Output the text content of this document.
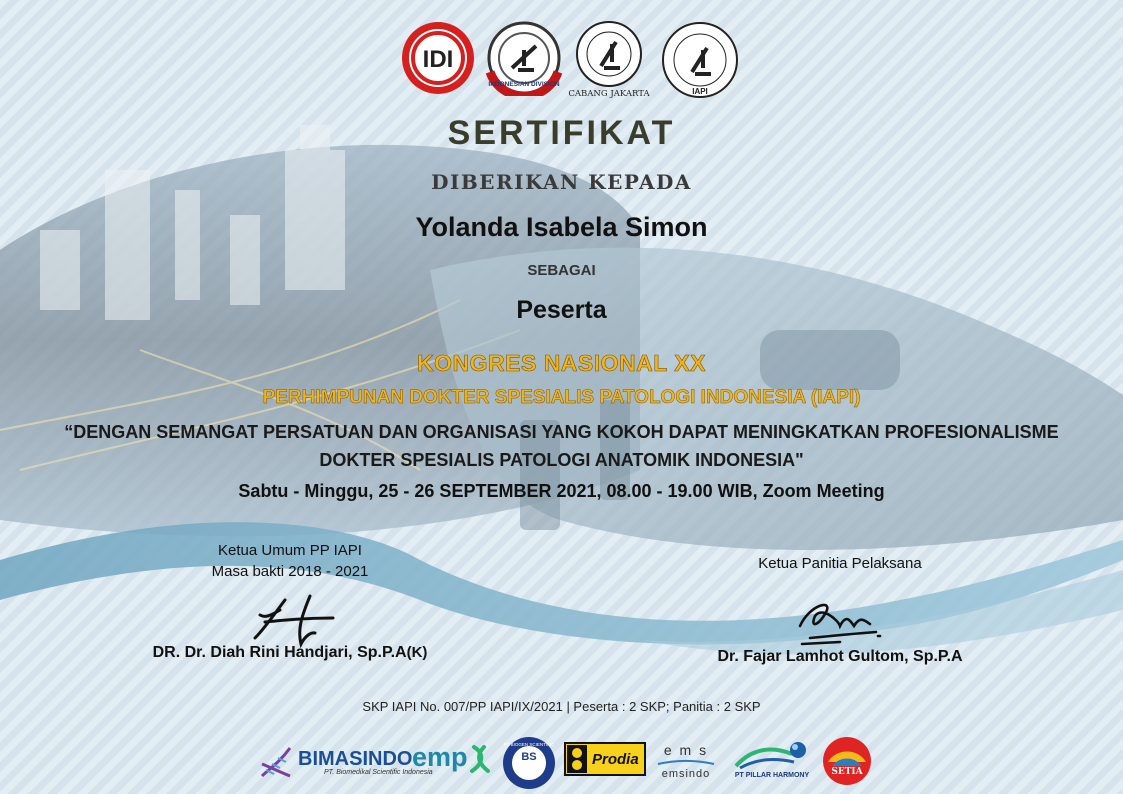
IDI
INDONESIAN DIVISION
CABANG JAKARTA	IAPI
SERTIFIKAT
DIBERIKAN KEPADA
Yolanda Isabela Simon
SEBAGAI
Peserta
KONGRES NASIONAL XX
PERHIMPUNAN DOKTER SPESIALIS PATOLOGI INDONESIA (IAPI)
“DENGAN SEMANGAT PERSATUAN DAN ORGANISASI YANG KOKOH DAPAT MENINGKATKAN PROFESIONALISME
DOKTER SPESIALIS PATOLOGI ANATOMIK INDONESIA"
Sabtu - Minggu, 25 - 26 SEPTEMBER 2021, 08.00 - 19.00 WIB, Zoom Meeting
Ketua Umum PP IAPI
Masa bakti 2018 - 2021
DR. Dr. Diah Rini Handjari, Sp.P.A(K)
Ketua Panitia Pelaksana
Dr. Fajar Lamhot Gultom, Sp.P.A
SKP IAPI No. 007/PP IAPI/IX/2021 | Peserta : 2 SKP; Panitia : 2 SKP
BIMASINDO
PT. Biomedikal Scientific Indonesia
emp	BS
PT BIOGEN SCIENTIFIC
Prodia
e m s
emsindo	PT PILLAR HARMONY SETIA
